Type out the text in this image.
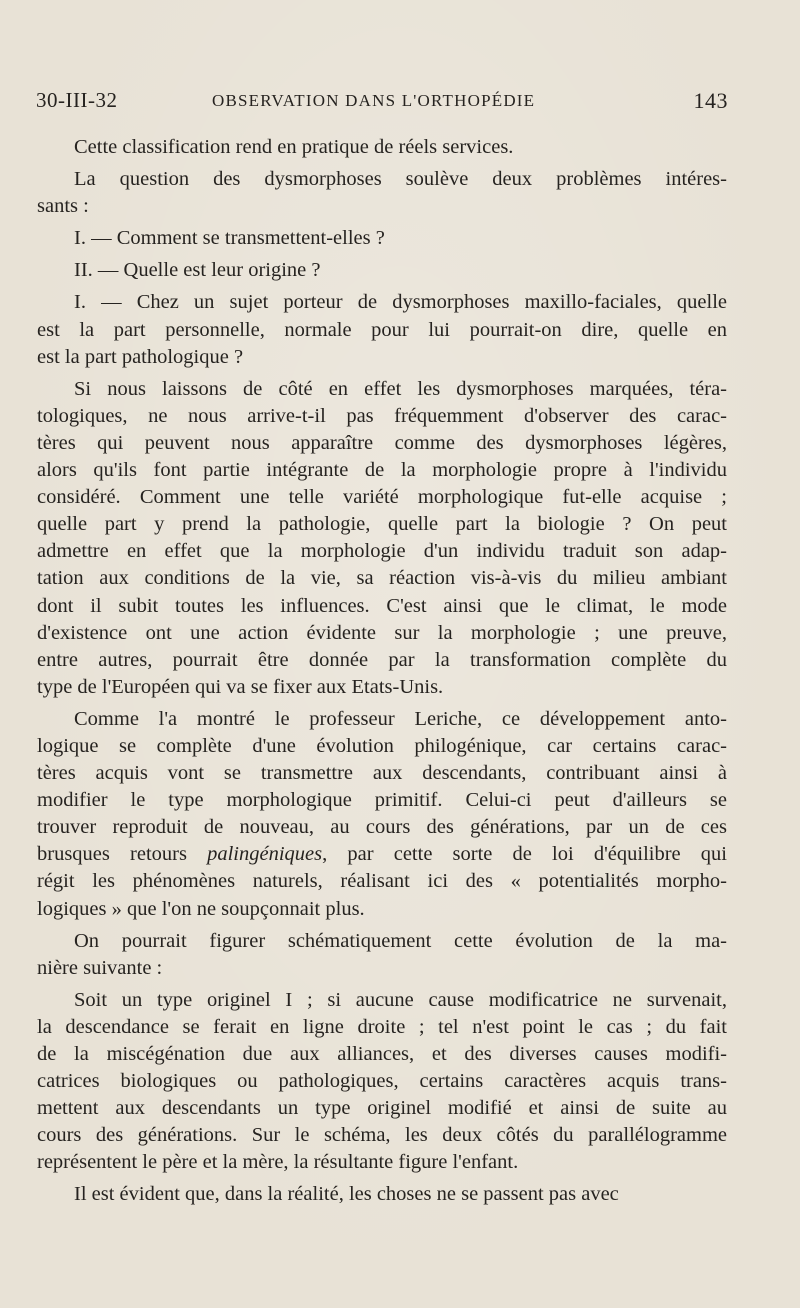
30-III-32	OBSERVATION DANS L'ORTHOPÉDIE	143
Cette classification rend en pratique de réels services.
La question des dysmorphoses soulève deux problèmes intéres-
sants :
I. — Comment se transmettent-elles ?
II. — Quelle est leur origine ?
I. — Chez un sujet porteur de dysmorphoses maxillo-faciales, quelle
est la part personnelle, normale pour lui pourrait-on dire, quelle en
est la part pathologique ?
Si nous laissons de côté en effet les dysmorphoses marquées, téra-
tologiques, ne nous arrive-t-il pas fréquemment d'observer des carac-
tères qui peuvent nous apparaître comme des dysmorphoses légères,
alors qu'ils font partie intégrante de la morphologie propre à l'individu
considéré. Comment une telle variété morphologique fut-elle acquise ;
quelle part y prend la pathologie, quelle part la biologie ? On peut
admettre en effet que la morphologie d'un individu traduit son adap-
tation aux conditions de la vie, sa réaction vis-à-vis du milieu ambiant
dont il subit toutes les influences. C'est ainsi que le climat, le mode
d'existence ont une action évidente sur la morphologie ; une preuve,
entre autres, pourrait être donnée par la transformation complète du
type de l'Européen qui va se fixer aux Etats-Unis.
Comme l'a montré le professeur Leriche, ce développement anto-
logique se complète d'une évolution philogénique, car certains carac-
tères acquis vont se transmettre aux descendants, contribuant ainsi à
modifier le type morphologique primitif. Celui-ci peut d'ailleurs se
trouver reproduit de nouveau, au cours des générations, par un de ces
brusques retours palingéniques, par cette sorte de loi d'équilibre qui
régit les phénomènes naturels, réalisant ici des « potentialités morpho-
logiques » que l'on ne soupçonnait plus.
On pourrait figurer schématiquement cette évolution de la ma-
nière suivante :
Soit un type originel I ; si aucune cause modificatrice ne survenait,
la descendance se ferait en ligne droite ; tel n'est point le cas ; du fait
de la miscégénation due aux alliances, et des diverses causes modifi-
catrices biologiques ou pathologiques, certains caractères acquis trans-
mettent aux descendants un type originel modifié et ainsi de suite au
cours des générations. Sur le schéma, les deux côtés du parallélogramme
représentent le père et la mère, la résultante figure l'enfant.
Il est évident que, dans la réalité, les choses ne se passent pas avec
